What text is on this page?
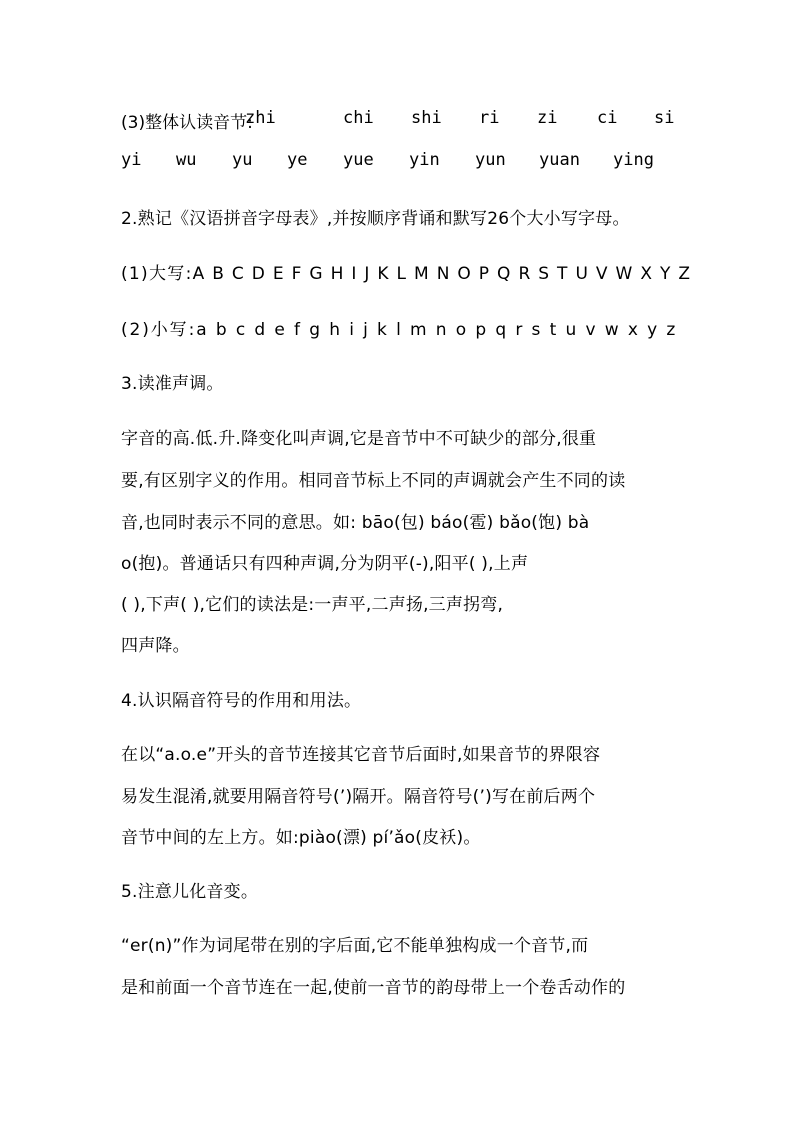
(3)整体认读音节:
zhi	chi shi ri zi ci si
yi wu yu ye yue yin yun yuan ying
2.熟记《汉语拼音字母表》,并按顺序背诵和默写26个大小写字母。
(1)大写:A B C D E F G H I J K L M N O P Q R S T U V W X Y Z
(2)小写:a b c d e f g h i j k l m n o p q r s t u v w x y z
3.读准声调。
字音的高.低.升.降变化叫声调,它是音节中不可缺少的部分,很重
要,有区别字义的作用。相同音节标上不同的声调就会产生不同的读
音,也同时表示不同的意思。如: bāo(包) báo(雹) bǎo(饱) bà
o(抱)。普通话只有四种声调,分为阴平(-),阳平( ),上声
( ),下声( ),它们的读法是:一声平,二声扬,三声拐弯,
四声降。
4.认识隔音符号的作用和用法。
在以“a.o.e”开头的音节连接其它音节后面时,如果音节的界限容
易发生混淆,就要用隔音符号(’)隔开。隔音符号(’)写在前后两个
音节中间的左上方。如:piào(漂) pí’ǎo(皮袄)。
5.注意儿化音变。
“er(n)”作为词尾带在别的字后面,它不能单独构成一个音节,而
是和前面一个音节连在一起,使前一音节的韵母带上一个卷舌动作的
